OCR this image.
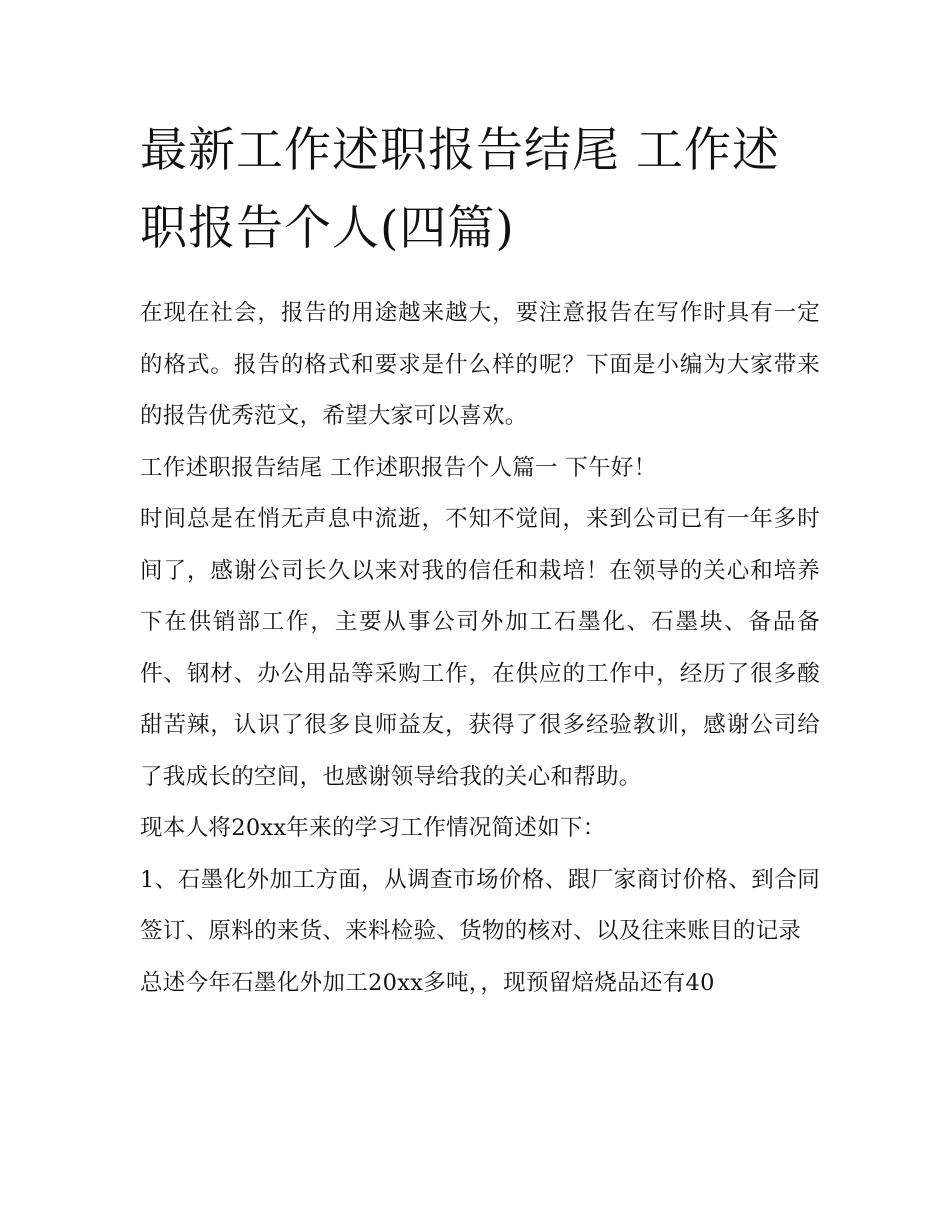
最新工作述职报告结尾 工作述职报告个人(四篇)

在现在社会，报告的用途越来越大，要注意报告在写作时具有一定的格式。报告的格式和要求是什么样的呢？下面是小编为大家带来的报告优秀范文，希望大家可以喜欢。

工作述职报告结尾 工作述职报告个人篇一 下午好！

时间总是在悄无声息中流逝，不知不觉间，来到公司已有一年多时间了，感谢公司长久以来对我的信任和栽培！在领导的关心和培养下在供销部工作，主要从事公司外加工石墨化、石墨块、备品备件、钢材、办公用品等采购工作，在供应的工作中，经历了很多酸甜苦辣，认识了很多良师益友，获得了很多经验教训，感谢公司给了我成长的空间，也感谢领导给我的关心和帮助。

现本人将20xx年来的学习工作情况简述如下：

1、石墨化外加工方面，从调查市场价格、跟厂家商讨价格、到合同签订、原料的来货、来料检验、货物的核对、以及往来账目的记录

总述今年石墨化外加工20xx多吨，，现预留焙烧品还有40
